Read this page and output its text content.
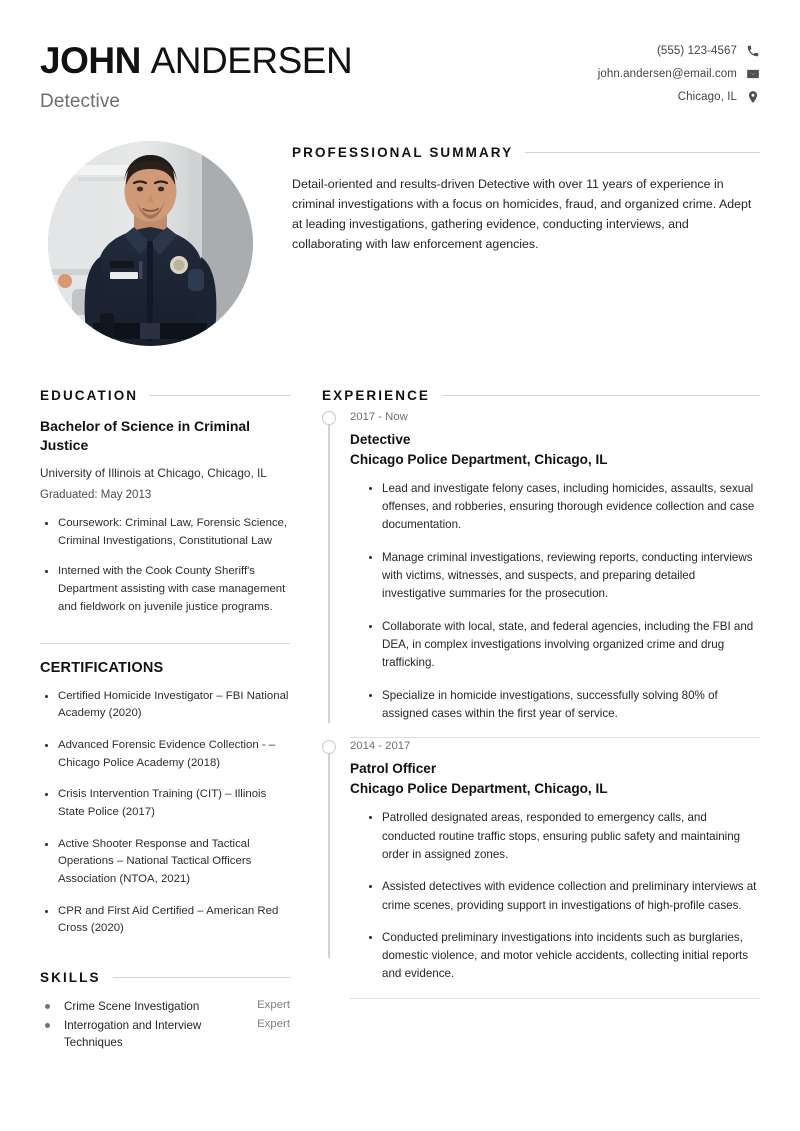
JOHN ANDERSEN
Detective
(555) 123-4567
john.andersen@email.com
Chicago, IL
PROFESSIONAL SUMMARY

Detail-oriented and results-driven Detective with over 11 years of experience in criminal investigations with a focus on homicides, fraud, and organized crime. Adept at leading investigations, gathering evidence, conducting interviews, and collaborating with law enforcement agencies.

EDUCATION
Bachelor of Science in Criminal Justice
University of Illinois at Chicago, Chicago, IL
Graduated: May 2013
Coursework: Criminal Law, Forensic Science, Criminal Investigations, Constitutional Law
Interned with the Cook County Sheriff's Department assisting with case management and fieldwork on juvenile justice programs.
CERTIFICATIONS
Certified Homicide Investigator – FBI National Academy (2020)
Advanced Forensic Evidence Collection - – Chicago Police Academy (2018)
Crisis Intervention Training (CIT) – Illinois State Police (2017)
Active Shooter Response and Tactical Operations – National Tactical Officers Association (NTOA, 2021)
CPR and First Aid Certified – American Red Cross (2020)
SKILLS
Crime Scene Investigation	Expert
Interrogation and Interview Techniques
Expert
EXPERIENCE
2017 - Now
Detective
Chicago Police Department, Chicago, IL
Lead and investigate felony cases, including homicides, assaults, sexual offenses, and robberies, ensuring thorough evidence collection and case documentation.
Manage criminal investigations, reviewing reports, conducting interviews with victims, witnesses, and suspects, and preparing detailed investigative summaries for the prosecution.
Collaborate with local, state, and federal agencies, including the FBI and DEA, in complex investigations involving organized crime and drug trafficking.
Specialize in homicide investigations, successfully solving 80% of assigned cases within the first year of service.
2014 - 2017
Patrol Officer
Chicago Police Department, Chicago, IL
Patrolled designated areas, responded to emergency calls, and conducted routine traffic stops, ensuring public safety and maintaining order in assigned zones.
Assisted detectives with evidence collection and preliminary interviews at crime scenes, providing support in investigations of high-profile cases.
Conducted preliminary investigations into incidents such as burglaries, domestic violence, and motor vehicle accidents, collecting initial reports and evidence.
